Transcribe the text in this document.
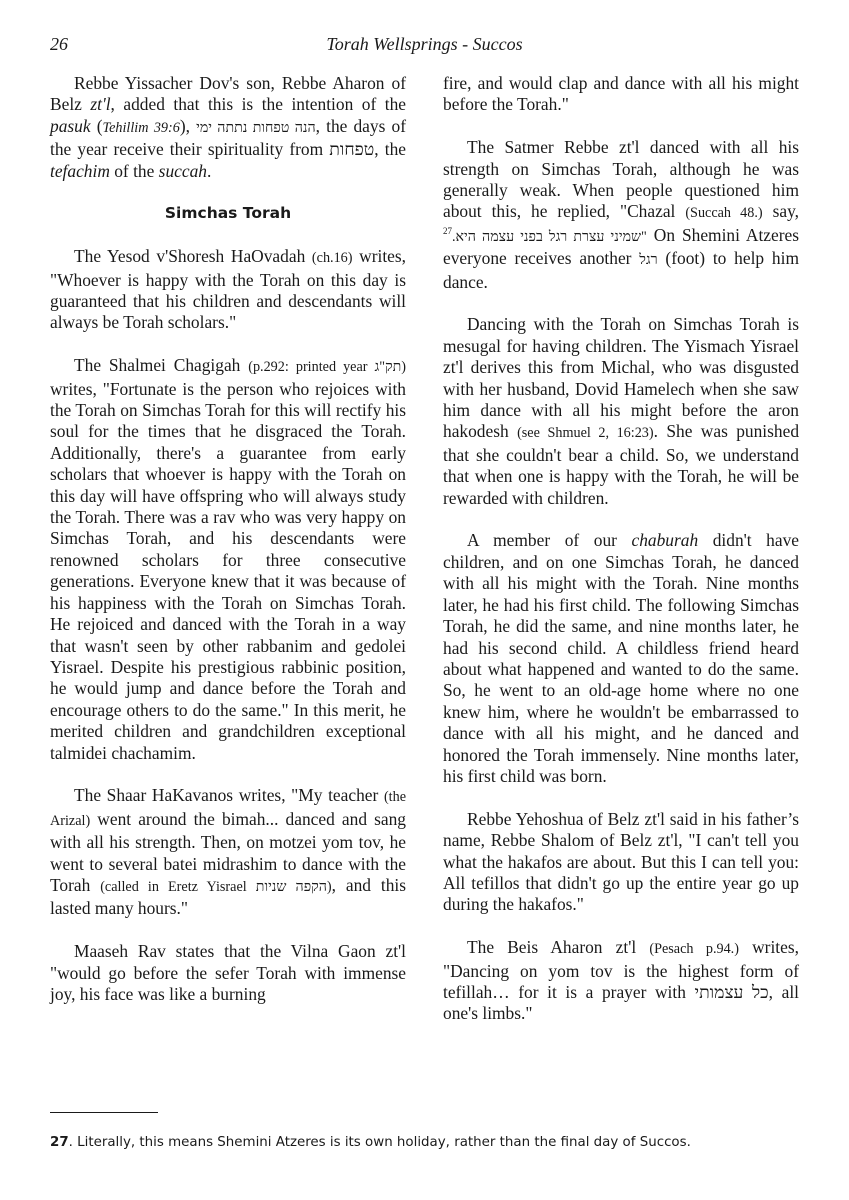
26	Torah Wellsprings - Succos

Rebbe Yissacher Dov's son, Rebbe Aharon of Belz zt'l, added that this is the intention of the pasuk (Tehillim 39:6), הנה טפחות נתתה ימי, the days of the year receive their spirituality from טפחות, the tefachim of the succah.

Simchas Torah

The Yesod v'Shoresh HaOvadah (ch.16) writes, "Whoever is happy with the Torah on this day is guaranteed that his children and descendants will always be Torah scholars."

The Shalmei Chagigah (p.292: printed year תק"ג) writes, "Fortunate is the person who rejoices with the Torah on Simchas Torah for this will rectify his soul for the times that he disgraced the Torah. Additionally, there's a guarantee from early scholars that whoever is happy with the Torah on this day will have offspring who will always study the Torah. There was a rav who was very happy on Simchas Torah, and his descendants were renowned scholars for three consecutive generations. Everyone knew that it was because of his happiness with the Torah on Simchas Torah. He rejoiced and danced with the Torah in a way that wasn't seen by other rabbanim and gedolei Yisrael. Despite his prestigious rabbinic position, he would jump and dance before the Torah and encourage others to do the same." In this merit, he merited children and grandchildren exceptional talmidei chachamim.

The Shaar HaKavanos writes, "My teacher (the Arizal) went around the bimah... danced and sang with all his strength. Then, on motzei yom tov, he went to several batei midrashim to dance with the Torah (called in Eretz Yisrael הקפה שניות), and this lasted many hours."

Maaseh Rav states that the Vilna Gaon zt'l "would go before the sefer Torah with immense joy, his face was like a burning

fire, and would clap and dance with all his might before the Torah."

The Satmer Rebbe zt'l danced with all his strength on Simchas Torah, although he was generally weak. When people questioned him about this, he replied, "Chazal (Succah 48.) say, $^{27}$"שמיני עצרת רגל בפני עצמה היא. On Shemini Atzeres everyone receives another רגל (foot) to help him dance.

Dancing with the Torah on Simchas Torah is mesugal for having children. The Yismach Yisrael zt'l derives this from Michal, who was disgusted with her husband, Dovid Hamelech when she saw him dance with all his might before the aron hakodesh (see Shmuel 2, 16:23). She was punished that she couldn't bear a child. So, we understand that when one is happy with the Torah, he will be rewarded with children.

A member of our chaburah didn't have children, and on one Simchas Torah, he danced with all his might with the Torah. Nine months later, he had his first child. The following Simchas Torah, he did the same, and nine months later, he had his second child. A childless friend heard about what happened and wanted to do the same. So, he went to an old-age home where no one knew him, where he wouldn't be embarrassed to dance with all his might, and he danced and honored the Torah immensely. Nine months later, his first child was born.

Rebbe Yehoshua of Belz zt'l said in his father’s name, Rebbe Shalom of Belz zt'l, "I can't tell you what the hakafos are about. But this I can tell you: All tefillos that didn't go up the entire year go up during the hakafos."

The Beis Aharon zt'l (Pesach p.94.) writes, "Dancing on yom tov is the highest form of tefillah… for it is a prayer with כל עצמותי, all one's limbs."

27. Literally, this means Shemini Atzeres is its own holiday, rather than the final day of Succos.
